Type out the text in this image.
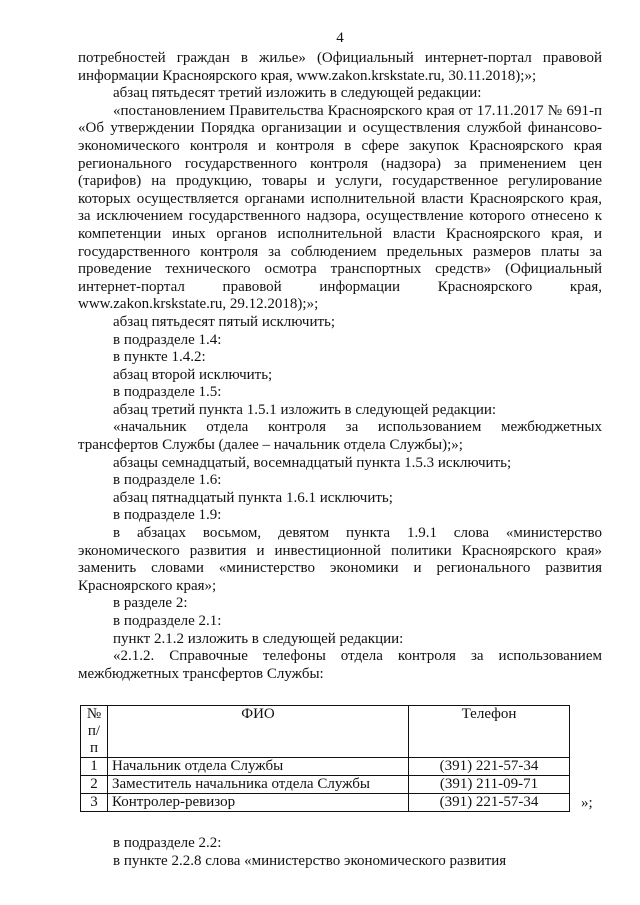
4

потребностей граждан в жилье» (Официальный интернет-портал правовой информации Красноярского края, www.zakon.krskstate.ru, 30.11.2018);»;

абзац пятьдесят третий изложить в следующей редакции:

«постановлением Правительства Красноярского края от 17.11.2017 № 691-п «Об утверждении Порядка организации и осуществления службой финансово-экономического контроля и контроля в сфере закупок Красноярского края регионального государственного контроля (надзора) за применением цен (тарифов) на продукцию, товары и услуги, государственное регулирование которых осуществляется органами исполнительной власти Красноярского края, за исключением государственного надзора, осуществление которого отнесено к компетенции иных органов исполнительной власти Красноярского края, и государственного контроля за соблюдением предельных размеров платы за проведение технического осмотра транспортных средств» (Официальный интернет-портал правовой информации Красноярского края, www.zakon.krskstate.ru, 29.12.2018);»;

абзац пятьдесят пятый исключить;

в подразделе 1.4:

в пункте 1.4.2:

абзац второй исключить;

в подразделе 1.5:

абзац третий пункта 1.5.1 изложить в следующей редакции:

«начальник отдела контроля за использованием межбюджетных трансфертов Службы (далее – начальник отдела Службы);»;

абзацы семнадцатый, восемнадцатый пункта 1.5.3 исключить;

в подразделе 1.6:

абзац пятнадцатый пункта 1.6.1 исключить;

в подразделе 1.9:

в абзацах восьмом, девятом пункта 1.9.1 слова «министерство экономического развития и инвестиционной политики Красноярского края» заменить словами «министерство экономики и регионального развития Красноярского края»;

в разделе 2:

в подразделе 2.1:

пункт 2.1.2 изложить в следующей редакции:

«2.1.2. Справочные телефоны отдела контроля за использованием межбюджетных трансфертов Службы:

№ п/п	ФИО	Телефон
1	Начальник отдела Службы	(391) 221-57-34
2	Заместитель начальника отдела Службы	(391) 211-09-71
3	Контролер-ревизор	(391) 221-57-34	»;

в подразделе 2.2:

в пункте 2.2.8 слова «министерство экономического развития
